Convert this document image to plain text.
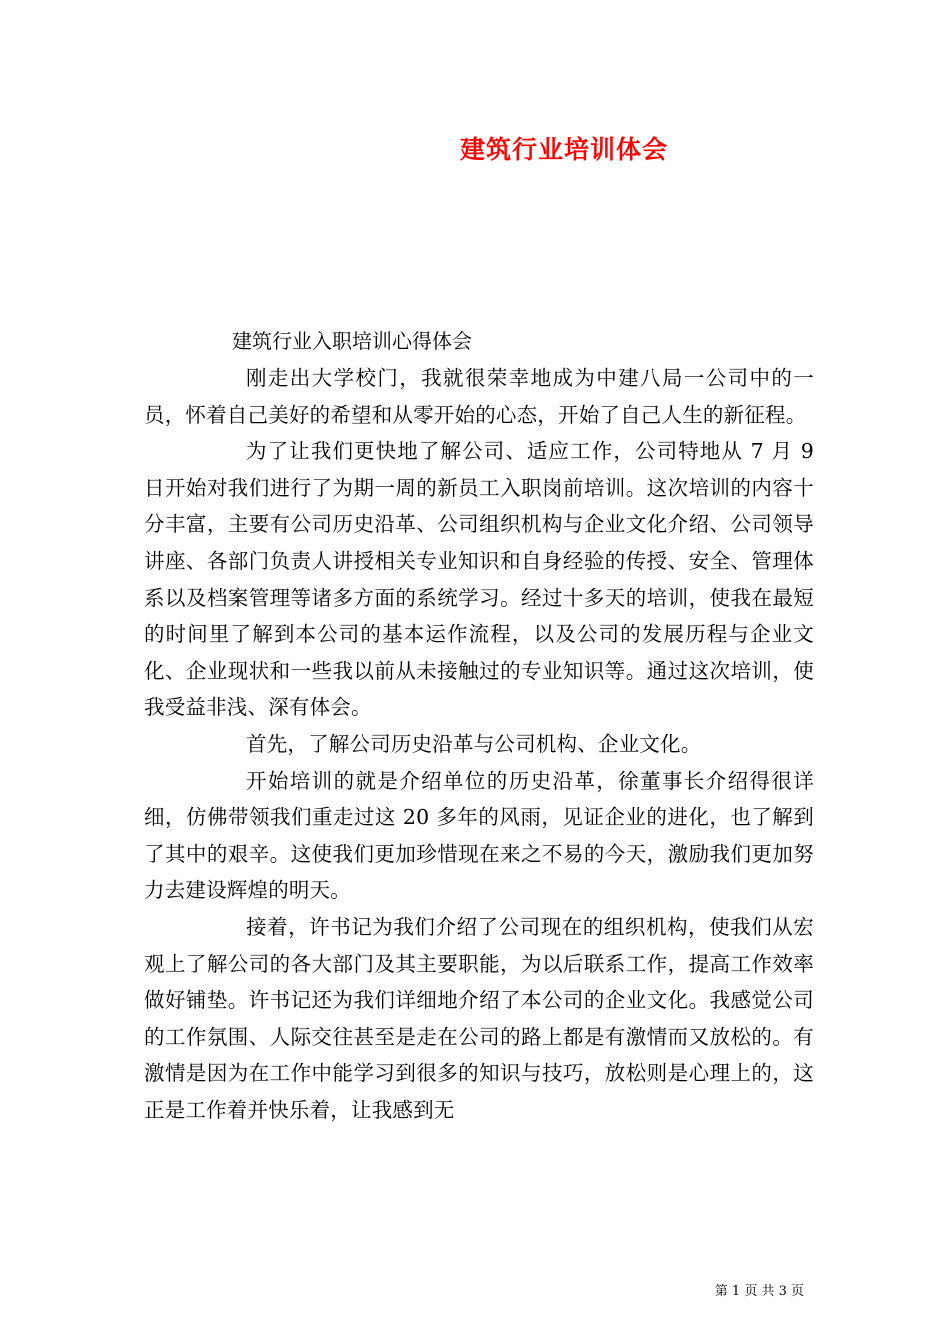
建筑行业培训体会
建筑行业入职培训心得体会

刚走出大学校门，我就很荣幸地成为中建八局一公司中的一员，怀着自己美好的希望和从零开始的心态，开始了自己人生的新征程。

为了让我们更快地了解公司、适应工作，公司特地从 7 月 9 日开始对我们进行了为期一周的新员工入职岗前培训。这次培训的内容十分丰富，主要有公司历史沿革、公司组织机构与企业文化介绍、公司领导讲座、各部门负责人讲授相关专业知识和自身经验的传授、安全、管理体系以及档案管理等诸多方面的系统学习。经过十多天的培训，使我在最短的时间里了解到本公司的基本运作流程，以及公司的发展历程与企业文化、企业现状和一些我以前从未接触过的专业知识等。通过这次培训，使我受益非浅、深有体会。

首先，了解公司历史沿革与公司机构、企业文化。

开始培训的就是介绍单位的历史沿革，徐董事长介绍得很详细，仿佛带领我们重走过这 20 多年的风雨，见证企业的进化，也了解到了其中的艰辛。这使我们更加珍惜现在来之不易的今天，激励我们更加努力去建设辉煌的明天。

接着，许书记为我们介绍了公司现在的组织机构，使我们从宏观上了解公司的各大部门及其主要职能，为以后联系工作，提高工作效率做好铺垫。许书记还为我们详细地介绍了本公司的企业文化。我感觉公司的工作氛围、人际交往甚至是走在公司的路上都是有激情而又放松的。有激情是因为在工作中能学习到很多的知识与技巧，放松则是心理上的，这正是工作着并快乐着，让我感到无

第 1 页 共 3 页
